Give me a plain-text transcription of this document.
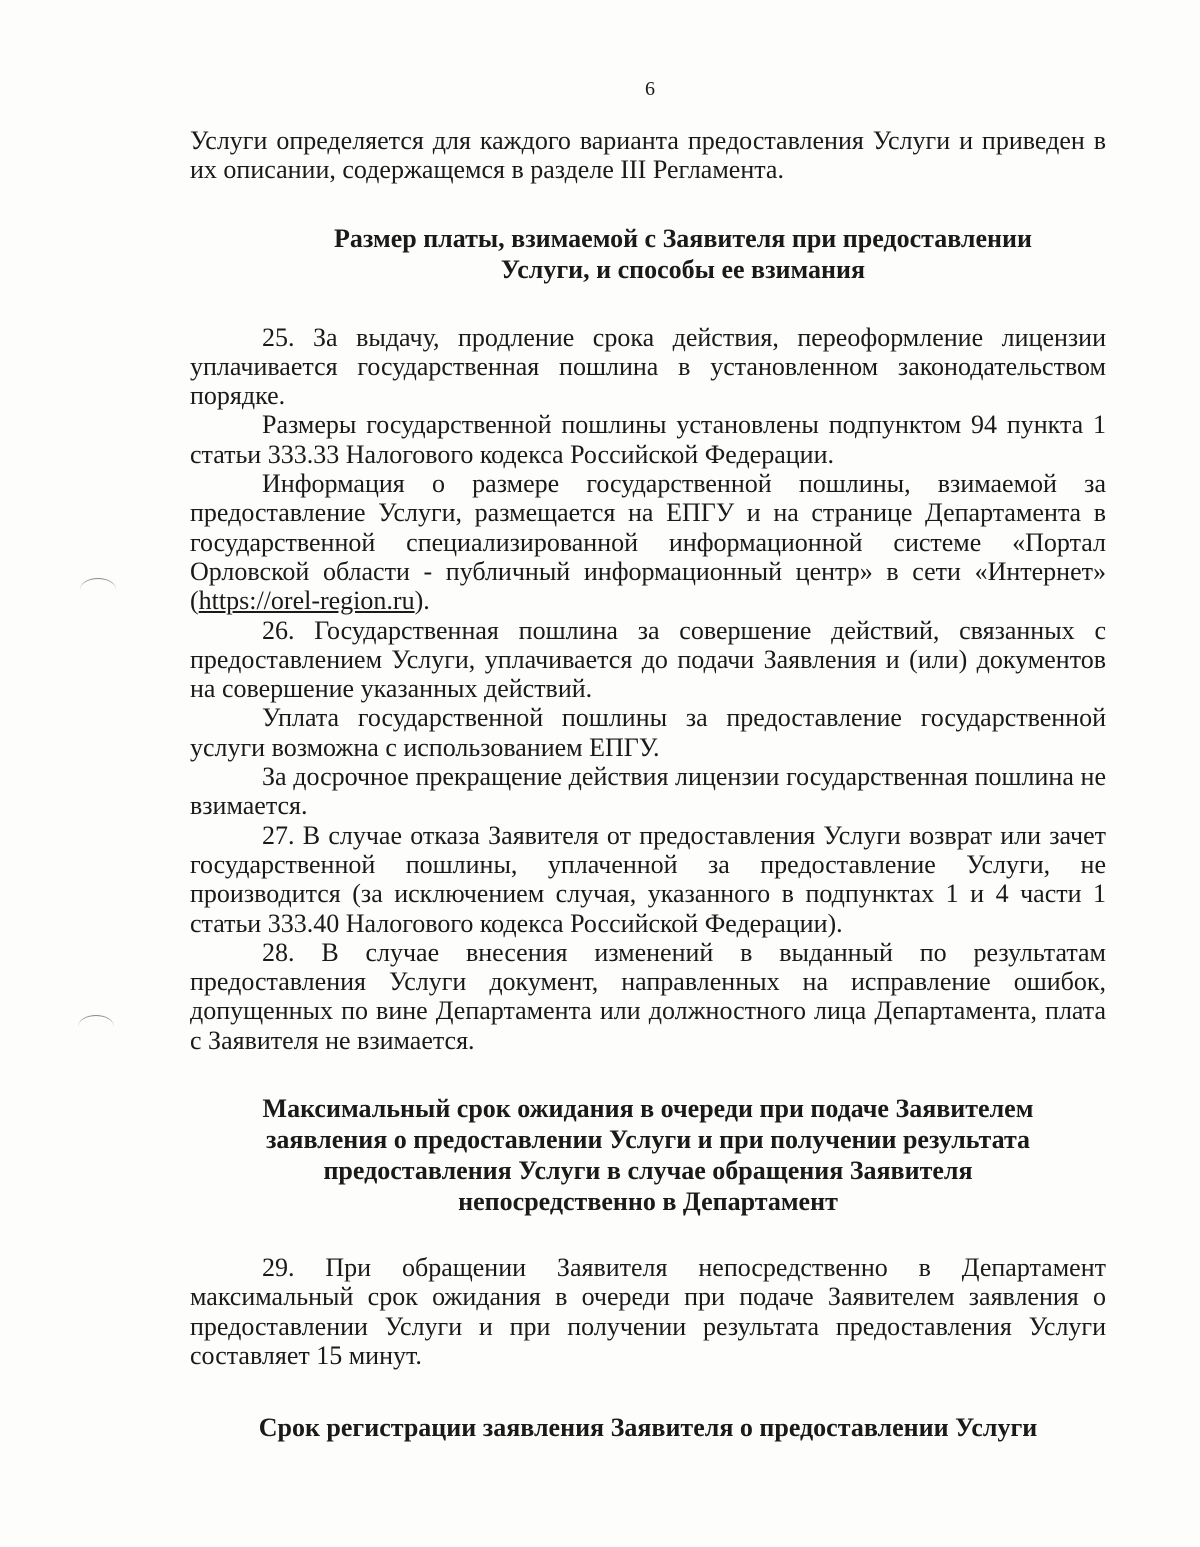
6

Услуги определяется для каждого варианта предоставления Услуги и приведен в их описании, содержащемся в разделе III Регламента.

Размер платы, взимаемой с Заявителя при предоставлении
Услуги, и способы ее взимания

25. За выдачу, продление срока действия, переоформление лицензии уплачивается государственная пошлина в установленном законодательством порядке.

Размеры государственной пошлины установлены подпунктом 94 пункта 1 статьи 333.33 Налогового кодекса Российской Федерации.

Информация о размере государственной пошлины, взимаемой за предоставление Услуги, размещается на ЕПГУ и на странице Департамента в государственной специализированной информационной системе «Портал Орловской области - публичный информационный центр» в сети «Интернет» (https://orel-region.ru).

26. Государственная пошлина за совершение действий, связанных с предоставлением Услуги, уплачивается до подачи Заявления и (или) документов на совершение указанных действий.

Уплата государственной пошлины за предоставление государственной услуги возможна с использованием ЕПГУ.

За досрочное прекращение действия лицензии государственная пошлина не взимается.

27. В случае отказа Заявителя от предоставления Услуги возврат или зачет государственной пошлины, уплаченной за предоставление Услуги, не производится (за исключением случая, указанного в подпунктах 1 и 4 части 1 статьи 333.40 Налогового кодекса Российской Федерации).

28. В случае внесения изменений в выданный по результатам предоставления Услуги документ, направленных на исправление ошибок, допущенных по вине Департамента или должностного лица Департамента, плата с Заявителя не взимается.

Максимальный срок ожидания в очереди при подаче Заявителем
заявления о предоставлении Услуги и при получении результата
предоставления Услуги в случае обращения Заявителя
непосредственно в Департамент

29. При обращении Заявителя непосредственно в Департамент максимальный срок ожидания в очереди при подаче Заявителем заявления о предоставлении Услуги и при получении результата предоставления Услуги составляет 15 минут.

Срок регистрации заявления Заявителя о предоставлении Услуги
